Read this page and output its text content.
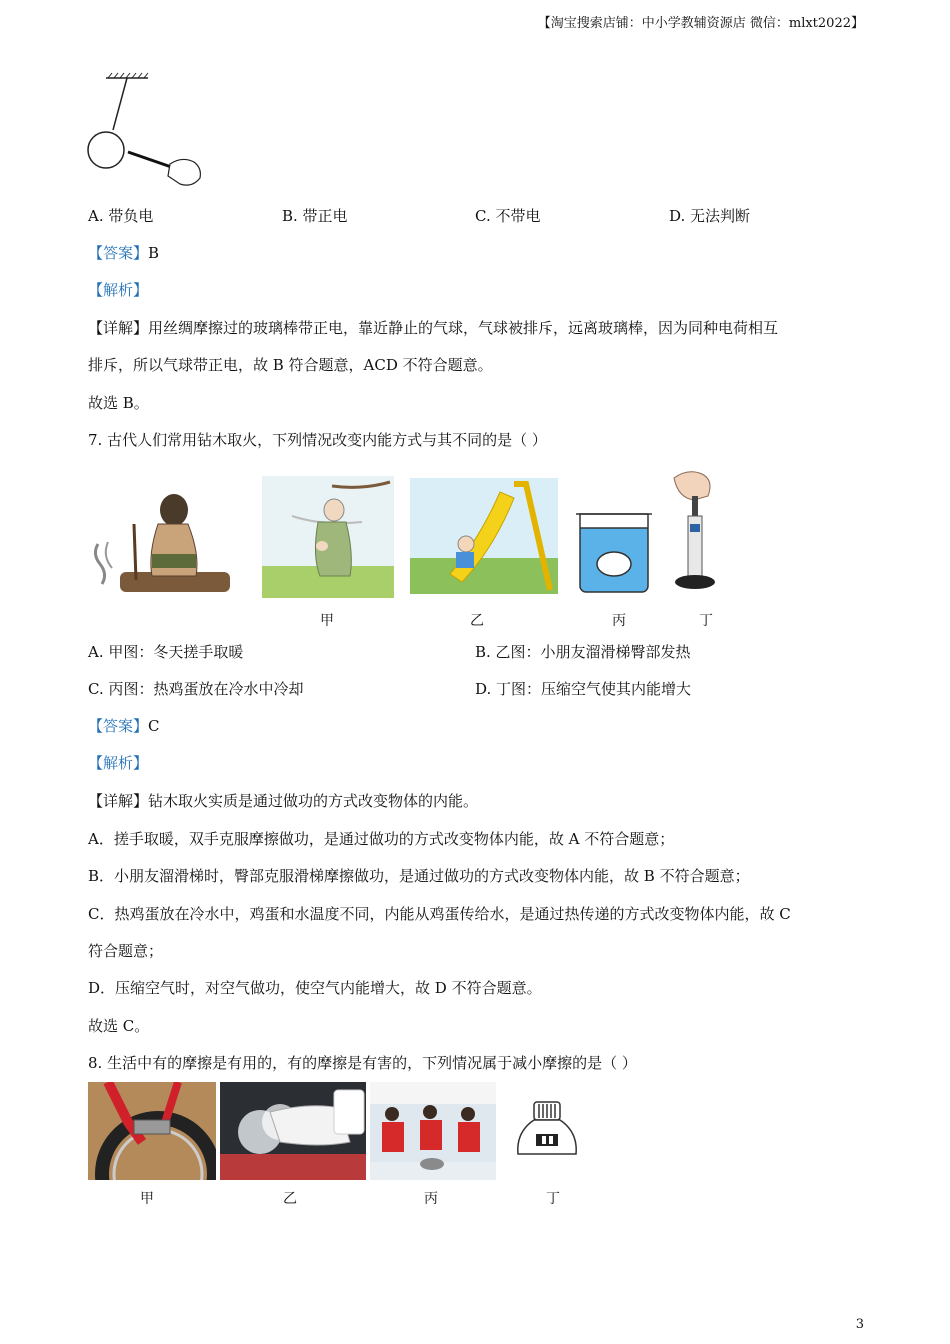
【淘宝搜索店铺：中小学教辅资源店 微信：mlxt2022】
A. 带负电	B. 带正电	C. 不带电	D. 无法判断
【答案】B
【解析】
【详解】用丝绸摩擦过的玻璃棒带正电，靠近静止的气球，气球被排斥，远离玻璃棒，因为同种电荷相互
排斥，所以气球带正电，故 B 符合题意，ACD 不符合题意。
故选 B。
7. 古代人们常用钻木取火，下列情况改变内能方式与其不同的是（ ）
甲	乙	丙	丁
A. 甲图：冬天搓手取暖	B. 乙图：小朋友溜滑梯臀部发热
C. 丙图：热鸡蛋放在冷水中冷却	D. 丁图：压缩空气使其内能增大
【答案】C
【解析】
【详解】钻木取火实质是通过做功的方式改变物体的内能。
A．搓手取暖，双手克服摩擦做功，是通过做功的方式改变物体内能，故 A 不符合题意；
B．小朋友溜滑梯时，臀部克服滑梯摩擦做功，是通过做功的方式改变物体内能，故 B 不符合题意；
C．热鸡蛋放在冷水中，鸡蛋和水温度不同，内能从鸡蛋传给水，是通过热传递的方式改变物体内能，故 C
符合题意；
D．压缩空气时，对空气做功，使空气内能增大，故 D 不符合题意。
故选 C。
8. 生活中有的摩擦是有用的，有的摩擦是有害的，下列情况属于减小摩擦的是（ ）
甲	乙	丙	丁
3
